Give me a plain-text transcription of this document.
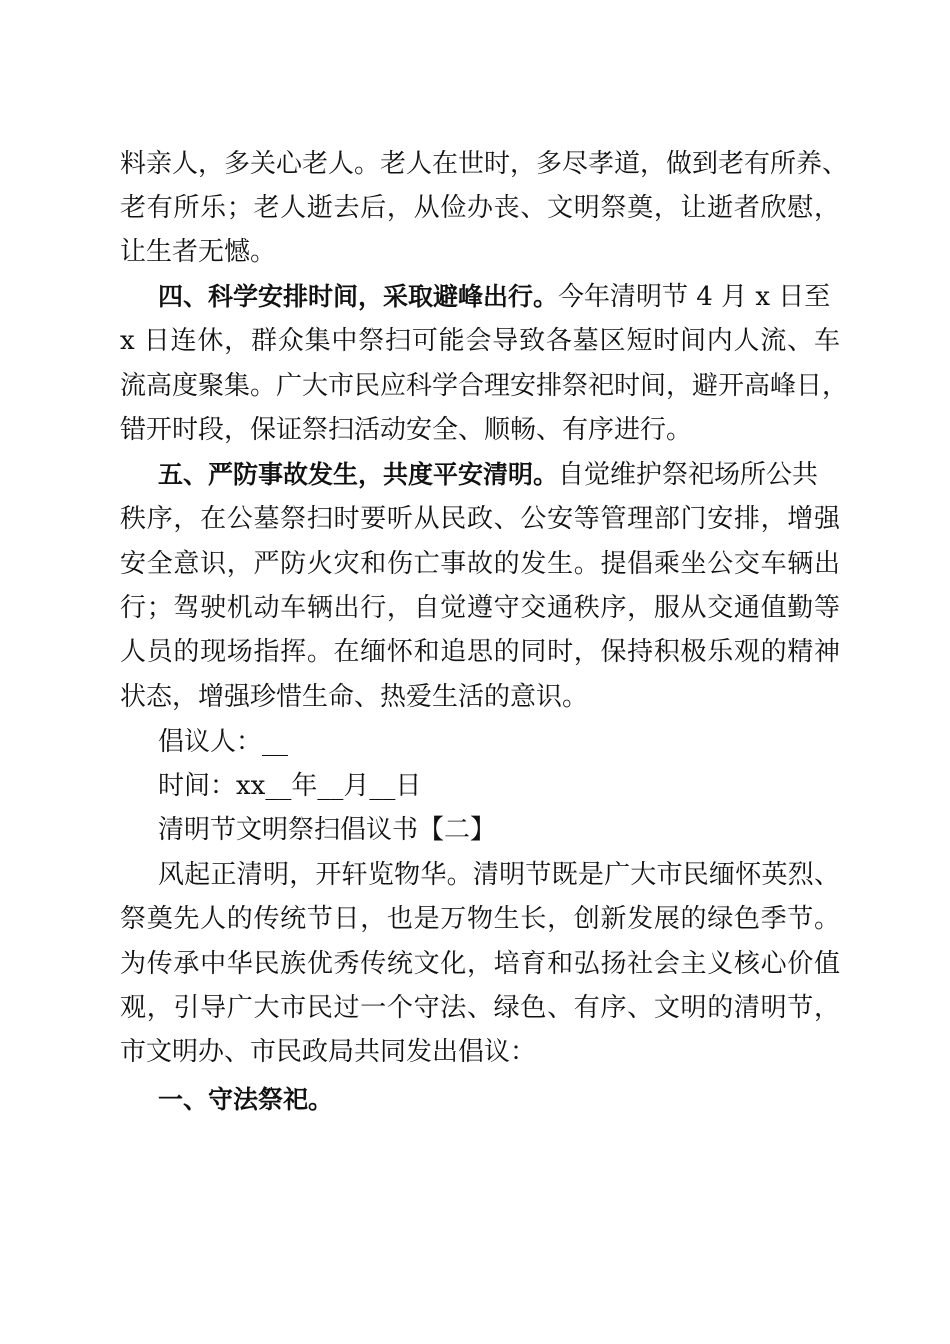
料亲人，多关心老人。老人在世时，多尽孝道，做到老有所养、
老有所乐；老人逝去后，从俭办丧、文明祭奠，让逝者欣慰，
让生者无憾。
四、科学安排时间，采取避峰出行。今年清明节 4 月 x 日至
x 日连休，群众集中祭扫可能会导致各墓区短时间内人流、车
流高度聚集。广大市民应科学合理安排祭祀时间，避开高峰日，
错开时段，保证祭扫活动安全、顺畅、有序进行。
五、严防事故发生，共度平安清明。自觉维护祭祀场所公共
秩序，在公墓祭扫时要听从民政、公安等管理部门安排，增强
安全意识，严防火灾和伤亡事故的发生。提倡乘坐公交车辆出
行；驾驶机动车辆出行，自觉遵守交通秩序，服从交通值勤等
人员的现场指挥。在缅怀和追思的同时，保持积极乐观的精神
状态，增强珍惜生命、热爱生活的意识。
倡议人：__
时间：xx__年__月__日
清明节文明祭扫倡议书【二】
风起正清明，开轩览物华。清明节既是广大市民缅怀英烈、
祭奠先人的传统节日，也是万物生长，创新发展的绿色季节。
为传承中华民族优秀传统文化，培育和弘扬社会主义核心价值
观，引导广大市民过一个守法、绿色、有序、文明的清明节，
市文明办、市民政局共同发出倡议：
一、守法祭祀。
